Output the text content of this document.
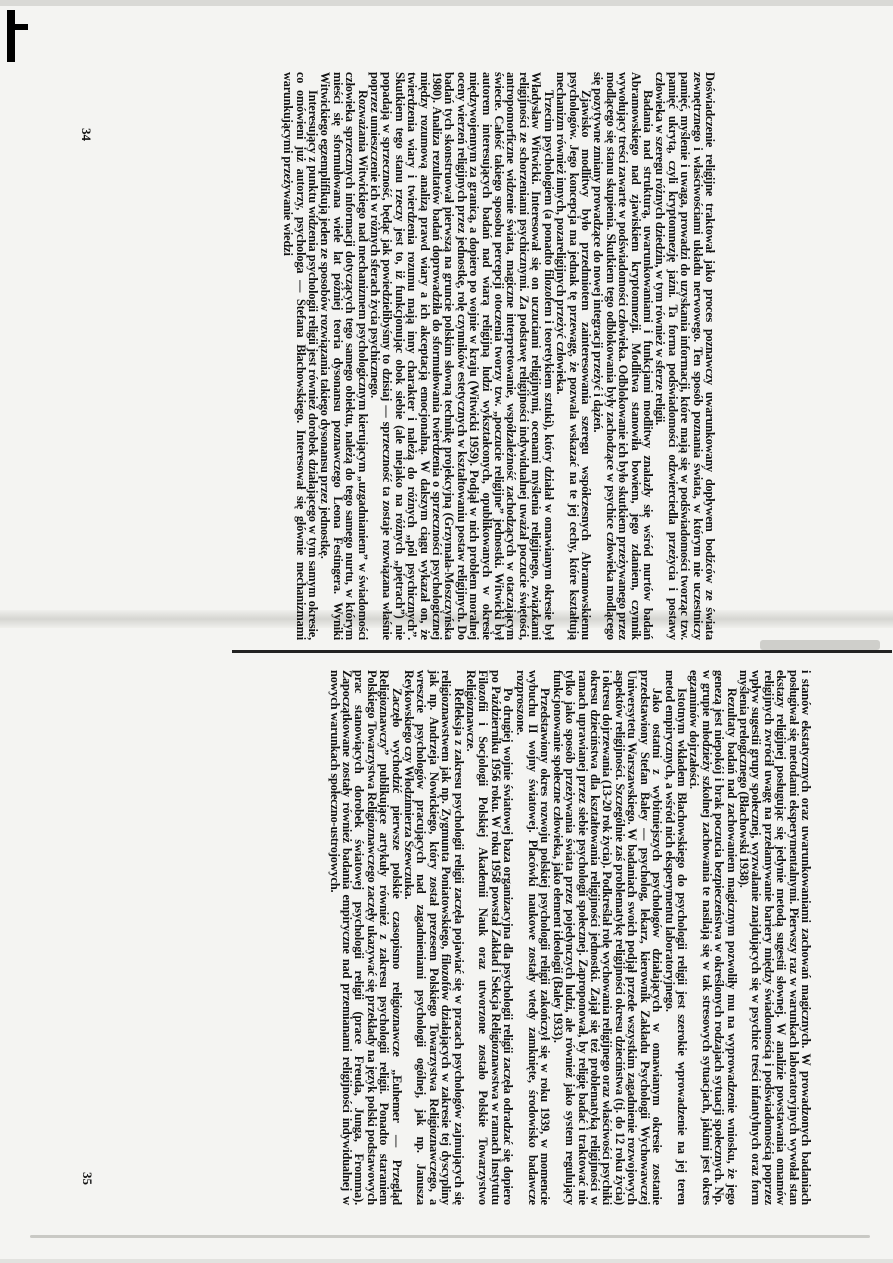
Doświadczenie religijne traktował jako proces poznawczy uwarunkowany dopływem bodźców ze świata zewnętrznego i właściwościami układu nerwowego. Ten sposób poznania świata, w którym nie uczestniczy pamięć, myślenie i uwaga, prowadzi do uzyskania informacji, które mają się w podświadomości tworząc tzw. pamięć ukrytą, czyli kryptomnezję jaźni. Ta forma podświadomości odzwierciedla przeżycia i postawy człowieka w szeregu różnych dziedzin, w tym również w sferze religii.

Badania nad strukturą, uwarunkowaniami i funkcjami modlitwy znalazły się wśród nurtów badań Abramowskiego nad zjawiskiem kryptomnezji. Modlitwa stanowiła bowiem, jego zdaniem, czynnik wywołujący treści zawarte w podświadomości człowieka. Odblokowanie ich było skutkiem przeżywanego przez modlącego się stanu skupienia. Skutkiem tego odblokowania były zachodzące w psychice człowieka modlącego się pozytywne zmiany prowadzące do nowej integracji przeżyć i dążeń.

Zjawisko modlitwy było przedmiotem zainteresowania szeregu współczesnych Abramowskiemu psychologów. Jego koncepcja ma jednak tę przewagę, że pozwala wskazać na te jej cechy, które kształtują mechanizm również innych, pozareligijnych przeżyć człowieka.

Trzecim psychologiem (a ponadto filozofem i teoretykiem sztuki), który działał w omawianym okresie był Władysław Witwicki. Interesował się on uczuciami religijnymi, ocenami myślenia religijnego, związkami religijności ze schorzeniami psychicznymi. Za podstawę religijności indywidualnej uważał poczucie świętości, antropomorficzne widzenie świata, magiczne interpretowanie, współzależność zachodzących w otaczającym świecie. Całość takiego sposobu percepcji otoczenia tworzy tzw. „poczucie religijne” jednostki. Witwicki był autorem interesujących badań nad wiarą religijną ludzi wykształconych, opublikowanych w okresie międzywojennym za granicą, a dopiero po wojnie w kraju (Witwicki 1959). Podjął w nich problem moralnej oceny wierzeń religijnych przez jednostkę, rolę czynników estetycznych w kształtowaniu postaw religijnych. Do badań tych skonstruował pierwszą na gruncie polskim słowną technikę projekcyjną (Grzymała-Moszczyńska 1980). Analiza rezultatów badań doprowadziła do sformułowania twierdzenia o sprzeczności psychologicznej między rozumową analizą prawd wiary a ich akceptacją emocjonalną. W dalszym ciągu wykazał on, że twierdzenia wiary i twierdzenia rozumu mają inny charakter i należą do różnych „pól psychicznych”. Skutkiem tego stanu rzeczy jest to, iż funkcjonując obok siebie (ale niejako na różnych „piętrach”) nie popadają w sprzeczność, będąc jak powiedzielibyśmy to dzisiaj — sprzeczność ta zostaje rozwiązana właśnie poprzez umieszczenie ich w różnych sferach życia psychicznego.

Rozważania Witwickiego nad mechanizmem psychologicznym kierującym „uzgadnianiem” w świadomości człowieka sprzecznych informacji dotyczących tego samego obiektu, należą do tego samego nurtu, w którym mieści się sformułowana wiele lat później teoria dysonansu poznawczego Leona Festingera. Wyniki Witwickiego egzemplifikują jeden ze sposobów rozwiązania takiego dysonansu przez jednostkę.

Interesujący z punktu widzenia psychologii religii jest również dorobek działającego w tym samym okresie, co omówieni już autorzy, psychologa — Stefana Błachowskiego. Interesował się głównie mechanizmami warunkującymi przeżywanie wiedzi

34

i stanów ekstatycznych oraz uwarunkowaniami zachowań magicznych. W prowadzonych badaniach posługiwał się metodami eksperymentalnymi. Pierwszy raz w warunkach laboratoryjnych wywołał stan ekstazy religijnej posługując się jedynie metodą sugestii słownej. W analizie powstawania omamów religijnych zwrócił uwagę na przełamywanie bariery między świadomością i podświadomością poprzez wpływ sugestii grupy społecznej, wyzwalanie znajdujących się w psychice treści infantylnych oraz form myślenia prelogicznego (Błachowski 1938).

Rezultaty badań nad zachowaniem magicznym pozwoliły mu na wyprowadzenie wniosku, że jego genezą jest niepokój i brak poczucia bezpieczeństwa w określonych rodzajach sytuacji społecznych. Np. w grupie młodzieży szkolnej zachowania te nasilają się w tak stresowych sytuacjach, jakimi jest okres egzaminów dojrzałości.

Istotnym wkładem Błachowskiego do psychologii religii jest szerokie wprowadzenie na jej teren metod empirycznych, a wśród nich eksperymentu laboratoryjnego.

Jako ostatni z wybitniejszych psychologów działających w omawianym okresie zostanie przedstawiony Stefan Baley — psycholog, lekarz, kierownik Zakładu Psychologii Wychowawczej Uniwersytetu Warszawskiego. W badaniach swoich podjął przede wszystkim zagadnienie rozwojowych aspektów religijności. Szczególnie zaś problematykę religijności okresu dzieciństwa (tj. do 12 roku życia) i okresu dojrzewania (13-20 rok życia). Podkreślał rolę wychowania religijnego oraz właściwości psychiki okresu dzieciństwa dla kształtowania religijności jednostki. Zajął się też problematyką religijności w ramach uprawianej przez siebie psychologii społecznej. Zaproponował, by religię badać i traktować nie tylko jako sposób przeżywania świata przez pojedynczych ludzi, ale również jako system regulujący funkcjonowanie społeczne człowieka, jako element ideologii (Baley 1933).

Przedstawiony okres rozwoju polskiej psychologii religii zakończył się w roku 1939, w momencie wybuchu II wojny światowej. Placówki naukowe zostały wtedy zamknięte, środowisko badawcze rozproszone.

Po drugiej wojnie światowej baza organizacyjna dla psychologii religii zaczęła odradzać się dopiero po Październiku 1956 roku. W roku 1958 powstał Zakład i Sekcja Religioznawstwa w ramach Instytutu Filozofii i Socjologii Polskiej Akademii Nauk oraz utworzone zostało Polskie Towarzystwo Religioznawcze.

Refleksja z zakresu psychologii religii zaczęła pojawiać się w pracach psychologów zajmujących się religioznawstwem jak np. Zygmunta Poniatowskiego, filozofów działających w zakresie tej dyscypliny jak np. Andrzeja Nowickiego, który został prezesem Polskiego Towarzystwa Religioznawczego, a wreszcie psychologów pracujących nad zagadnieniami psychologii ogólnej, jak np. Janusza Reykowskiego czy Włodzimierza Szewczuka.

Zaczęło wychodzić pierwsze polskie czasopismo religioznawcze „Euhemer — Przegląd Religioznawczy” publikujące artykuły również z zakresu psychologii religii. Ponadto staraniem Polskiego Towarzystwa Religioznawczego zaczęły ukazywać się przekłady na język polski podstawowych prac stanowiących dorobek światowej psychologii religii (prace Freuda, Junga, Fromma). Zapoczątkowane zostały również badania empiryczne nad przemianami religijności indywidualnej w nowych warunkach społeczno-ustrojowych.

35
